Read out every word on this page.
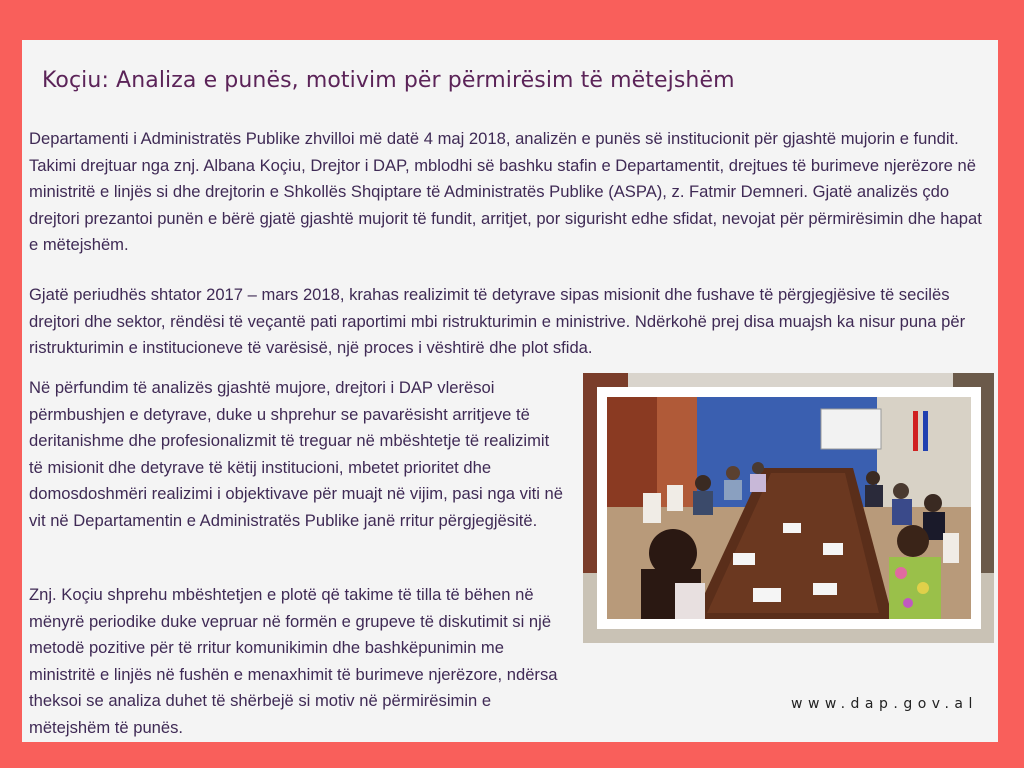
Koçiu: Analiza e punës, motivim për përmirësim të mëtejshëm

Departamenti i Administratës Publike zhvilloi më datë 4 maj 2018, analizën e punës së institucionit për gjashtë mujorin e fundit. Takimi drejtuar nga znj. Albana Koçiu, Drejtor i DAP, mblodhi së bashku stafin e Departamentit, drejtues të burimeve njerëzore në ministritë e linjës si dhe drejtorin e Shkollës Shqiptare të Administratës Publike (ASPA), z. Fatmir Demneri. Gjatë analizës çdo drejtori prezantoi punën e bërë gjatë gjashtë mujorit të fundit, arritjet, por sigurisht edhe sfidat, nevojat për përmirësimin dhe hapat e mëtejshëm.

Gjatë periudhës shtator 2017 – mars 2018, krahas realizimit të detyrave sipas misionit dhe fushave të përgjegjësive të secilës drejtori dhe sektor, rëndësi të veçantë pati raportimi mbi ristrukturimin e ministrive. Ndërkohë prej disa muajsh ka nisur puna për ristrukturimin e institucioneve të varësisë, një proces i vështirë dhe plot sfida.

Në përfundim të analizës gjashtë mujore, drejtori i DAP vlerësoi përmbushjen e detyrave, duke u shprehur se pavarësisht arritjeve të deritanishme dhe profesionalizmit të treguar në mbështetje të realizimit të misionit dhe detyrave të këtij institucioni, mbetet prioritet dhe domosdoshmëri realizimi i objektivave për muajt në vijim, pasi nga viti në vit në Departamentin e Administratës Publike janë rritur përgjegjësitë.

Znj. Koçiu shprehu mbështetjen e plotë që takime të tilla të bëhen në mënyrë periodike duke vepruar në formën e grupeve të diskutimit si një metodë pozitive për të rritur komunikimin dhe bashkëpunimin me ministritë e linjës në fushën e menaxhimit të burimeve njerëzore, ndërsa theksoi se analiza duhet të shërbejë si motiv në përmirësimin e mëtejshëm të punës.

www.dap.gov.al
